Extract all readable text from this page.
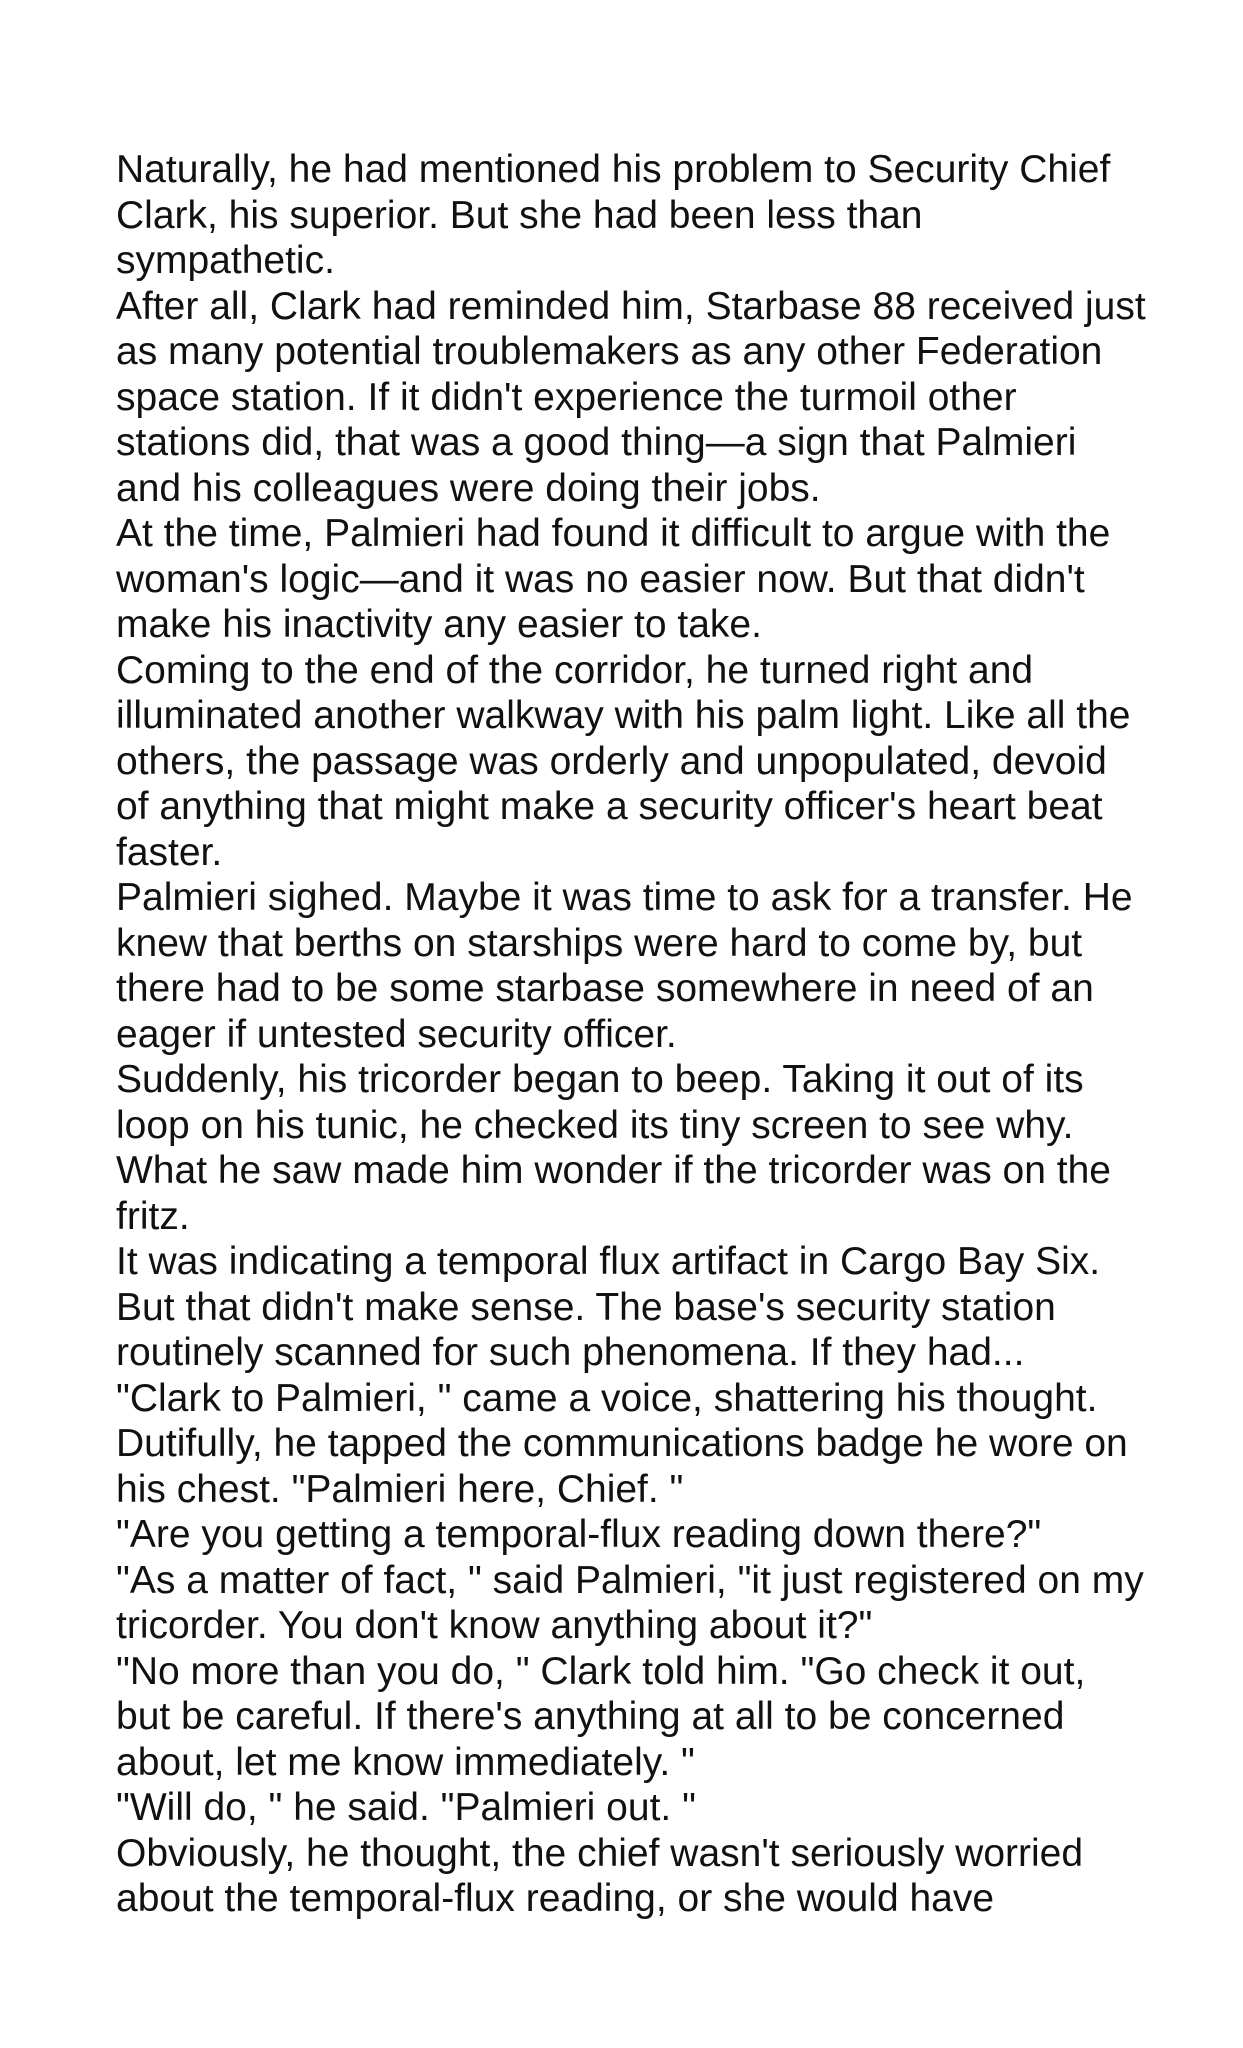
Naturally, he had mentioned his problem to Security Chief Clark, his superior. But she had been less than sympathetic.

After all, Clark had reminded him, Starbase 88 received just as many potential troublemakers as any other Federation space station. If it didn't experience the turmoil other stations did, that was a good thing—a sign that Palmieri and his colleagues were doing their jobs.

At the time, Palmieri had found it difficult to argue with the woman's logic—and it was no easier now. But that didn't make his inactivity any easier to take.

Coming to the end of the corridor, he turned right and illuminated another walkway with his palm light. Like all the others, the passage was orderly and unpopulated, devoid of anything that might make a security officer's heart beat faster.

Palmieri sighed. Maybe it was time to ask for a transfer. He knew that berths on starships were hard to come by, but there had to be some starbase somewhere in need of an eager if untested security officer.

Suddenly, his tricorder began to beep. Taking it out of its loop on his tunic, he checked its tiny screen to see why. What he saw made him wonder if the tricorder was on the fritz.

It was indicating a temporal flux artifact in Cargo Bay Six. But that didn't make sense. The base's security station routinely scanned for such phenomena. If they had...

"Clark to Palmieri, " came a voice, shattering his thought. Dutifully, he tapped the communications badge he wore on his chest. "Palmieri here, Chief. "

"Are you getting a temporal-flux reading down there?"

"As a matter of fact, " said Palmieri, "it just registered on my tricorder. You don't know anything about it?"

"No more than you do, " Clark told him. "Go check it out, but be careful. If there's anything at all to be concerned about, let me know immediately. "

"Will do, " he said. "Palmieri out. "

Obviously, he thought, the chief wasn't seriously worried about the temporal-flux reading, or she would have
